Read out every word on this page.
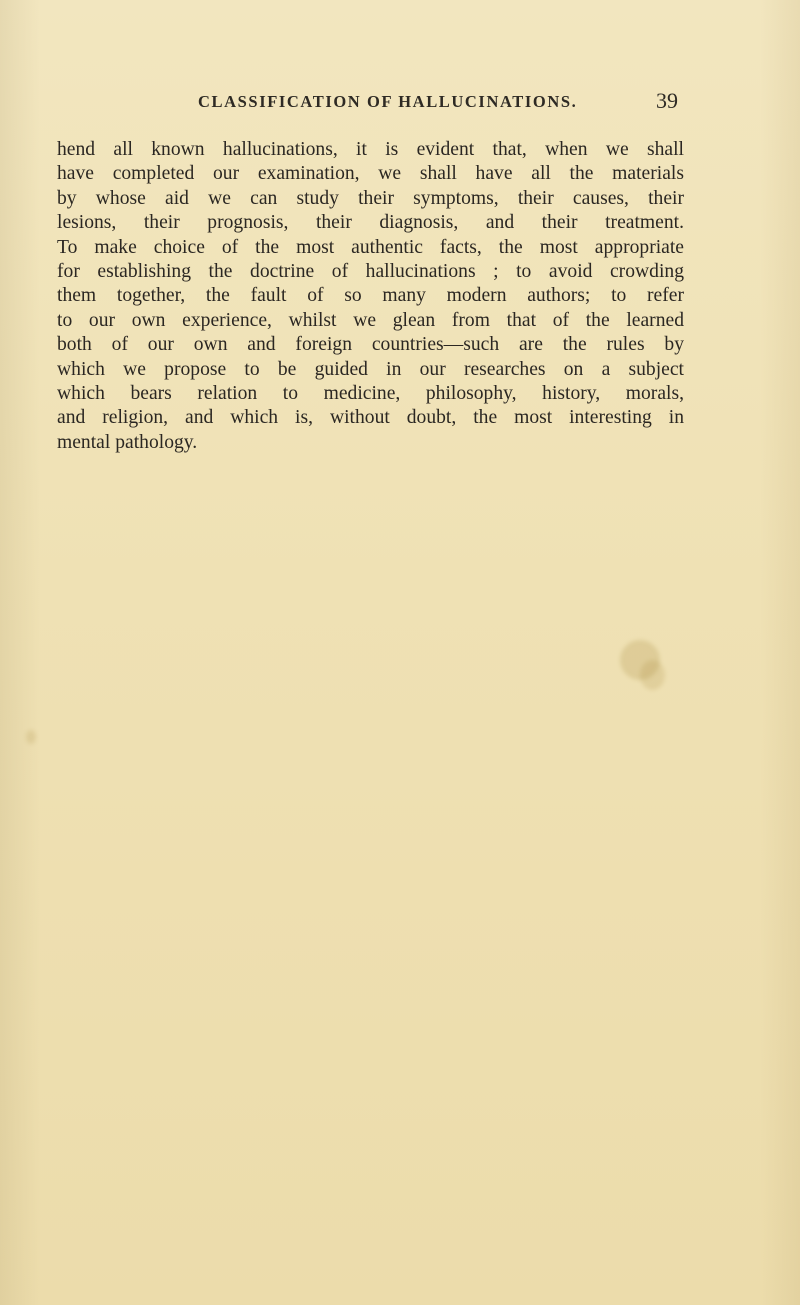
CLASSIFICATION OF HALLUCINATIONS.	39
hend all known hallucinations, it is evident that, when we shall
have completed our examination, we shall have all the materials
by whose aid we can study their symptoms, their causes, their
lesions, their prognosis, their diagnosis, and their treatment.
To make choice of the most authentic facts, the most appropriate
for establishing the doctrine of hallucinations ; to avoid crowding
them together, the fault of so many modern authors; to refer
to our own experience, whilst we glean from that of the learned
both of our own and foreign countries—such are the rules by
which we propose to be guided in our researches on a subject
which bears relation to medicine, philosophy, history, morals,
and religion, and which is, without doubt, the most interesting in
mental pathology.
